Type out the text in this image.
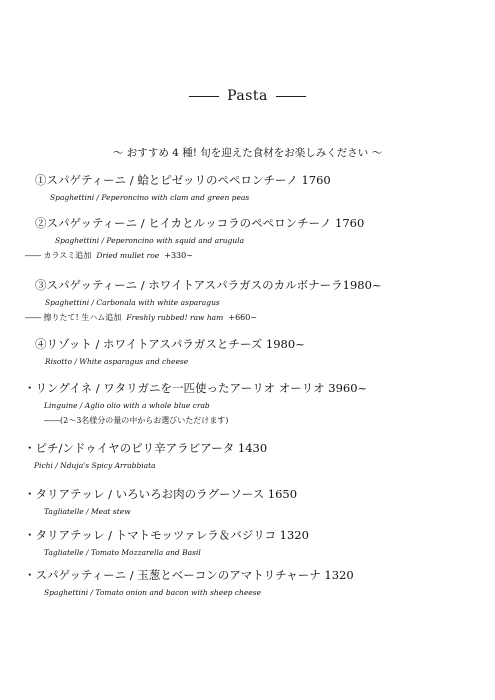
Pasta
～ おすすめ 4 種! 旬を迎えた食材をお楽しみください ～
①スパゲティーニ / 蛤とピゼッリのペペロンチーノ 1760
Spaghettini / Peperoncino with clam and green peas
②スパゲッティーニ / ヒイカとルッコラのペペロンチーノ 1760
Spaghettini / Peperoncino with squid and arugula
―― カラスミ追加 Dried mullet roe +330~
③スパゲッティーニ / ホワイトアスパラガスのカルボナーラ1980~
Spaghettini / Carbonala with white asparagus
―― 擦りたて! 生ハム追加 Freshly rubbed! raw ham +660~
④リゾット / ホワイトアスパラガスとチーズ 1980~
Risotto / White asparagus and cheese
・リングイネ / ワタリガニを一匹使ったアーリオ オーリオ 3960~
Linguine / Aglio olio with a whole blue crab
――(2～3名様分の量の中からお選びいただけます)
・ピチ/ンドゥイヤのピリ辛アラビアータ 1430
Pichi / Nduja's Spicy Arrabbiata
・タリアテッレ / いろいろお肉のラグーソース 1650
Tagliatelle / Meat stew
・タリアテッレ / トマトモッツァレラ＆バジリコ 1320
Tagliatelle / Tomato Mozzarella and Basil
・スパゲッティーニ / 玉葱とベーコンのアマトリチャーナ 1320
Spaghettini / Tomato onion and bacon with sheep cheese
